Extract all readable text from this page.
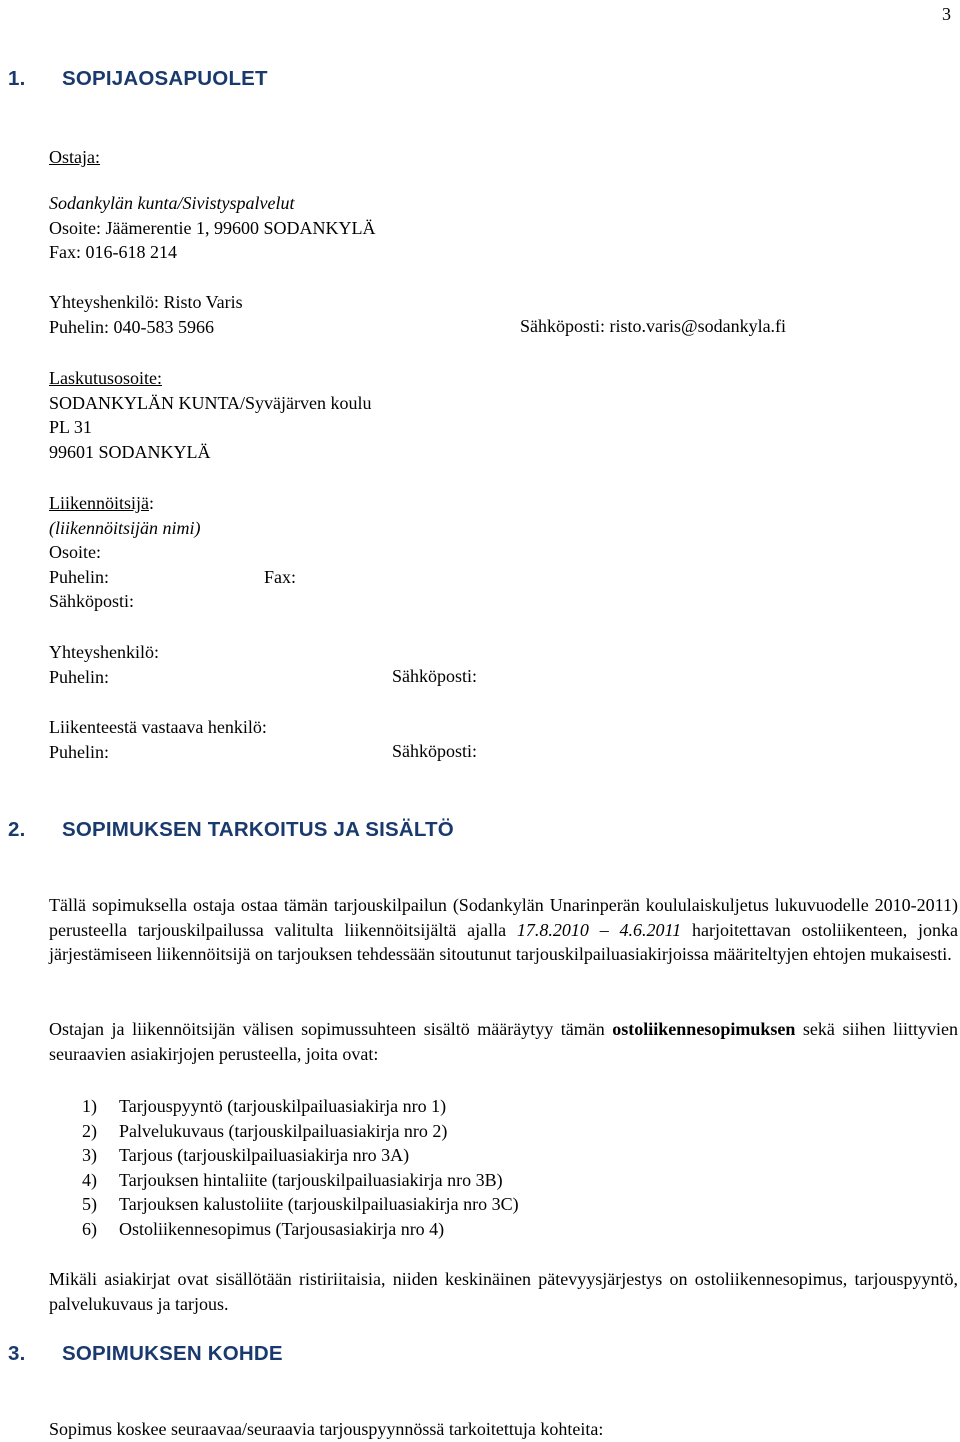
3
1. SOPIJAOSAPUOLET
Ostaja:
Sodankylän kunta/Sivistyspalvelut
Osoite: Jäämerentie 1, 99600 SODANKYLÄ
Fax: 016-618 214
Yhteyshenkilö: Risto Varis
Puhelin: 040-583 5966	Sähköposti: risto.varis@sodankyla.fi
Laskutusosoite:
SODANKYLÄN KUNTA/Syväjärven koulu
PL 31
99601 SODANKYLÄ
Liikennöitsijä:
(liikennöitsijän nimi)
Osoite:
Puhelin:
Sähköposti:
Fax:
Yhteyshenkilö:
Puhelin:	Sähköposti:
Liikenteestä vastaava henkilö:
Puhelin:	Sähköposti:
2. SOPIMUKSEN TARKOITUS JA SISÄLTÖ
Tällä sopimuksella ostaja ostaa tämän tarjouskilpailun (Sodankylän Unarinperän koululaiskuljetus lukuvuodelle 2010-2011) perusteella tarjouskilpailussa valitulta liikennöitsijältä ajalla 17.8.2010 – 4.6.2011 harjoitettavan ostoliikenteen, jonka järjestämiseen liikennöitsijä on tarjouksen tehdessään sitoutunut tarjouskilpailuasiakirjoissa määriteltyjen ehtojen mukaisesti.
Ostajan ja liikennöitsijän välisen sopimussuhteen sisältö määräytyy tämän ostoliikennesopimuksen sekä siihen liittyvien seuraavien asiakirjojen perusteella, joita ovat:
1) Tarjouspyyntö (tarjouskilpailuasiakirja nro 1)
2) Palvelukuvaus (tarjouskilpailuasiakirja nro 2)
3) Tarjous (tarjouskilpailuasiakirja nro 3A)
4) Tarjouksen hintaliite (tarjouskilpailuasiakirja nro 3B)
5) Tarjouksen kalustoliite (tarjouskilpailuasiakirja nro 3C)
6) Ostoliikennesopimus (Tarjousasiakirja nro 4)
Mikäli asiakirjat ovat sisällötään ristiriitaisia, niiden keskinäinen pätevyysjärjestys on ostoliikennesopimus, tarjouspyyntö, palvelukuvaus ja tarjous.
3. SOPIMUKSEN KOHDE
Sopimus koskee seuraavaa/seuraavia tarjouspyynnössä tarkoitettuja kohteita:
